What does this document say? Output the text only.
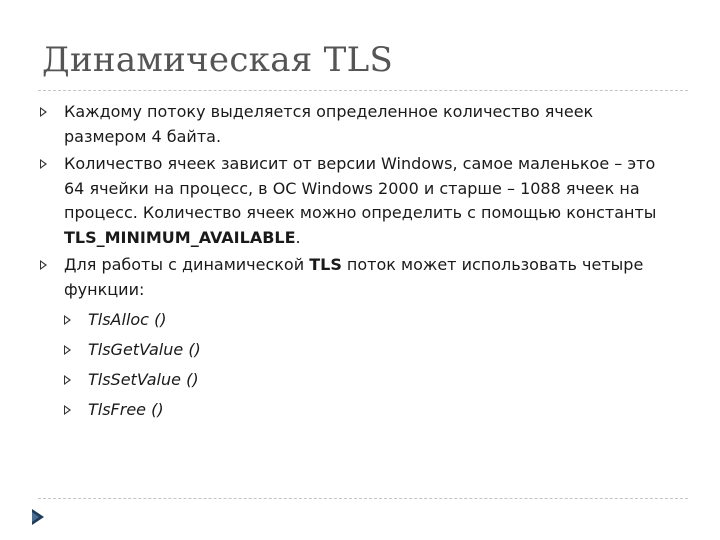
Динамическая TLS
Каждому потоку выделяется определенное количество ячеек размером 4 байта.
Количество ячеек зависит от версии Windows, самое маленькое – это 64 ячейки на процесс, в ОС Windows 2000 и старше – 1088 ячеек на процесс. Количество ячеек можно определить с помощью константы TLS_MINIMUM_AVAILABLE.
Для работы с динамической TLS поток может использовать четыре функции:
TlsAlloc ()
TlsGetValue ()
TlsSetValue ()
TlsFree ()
